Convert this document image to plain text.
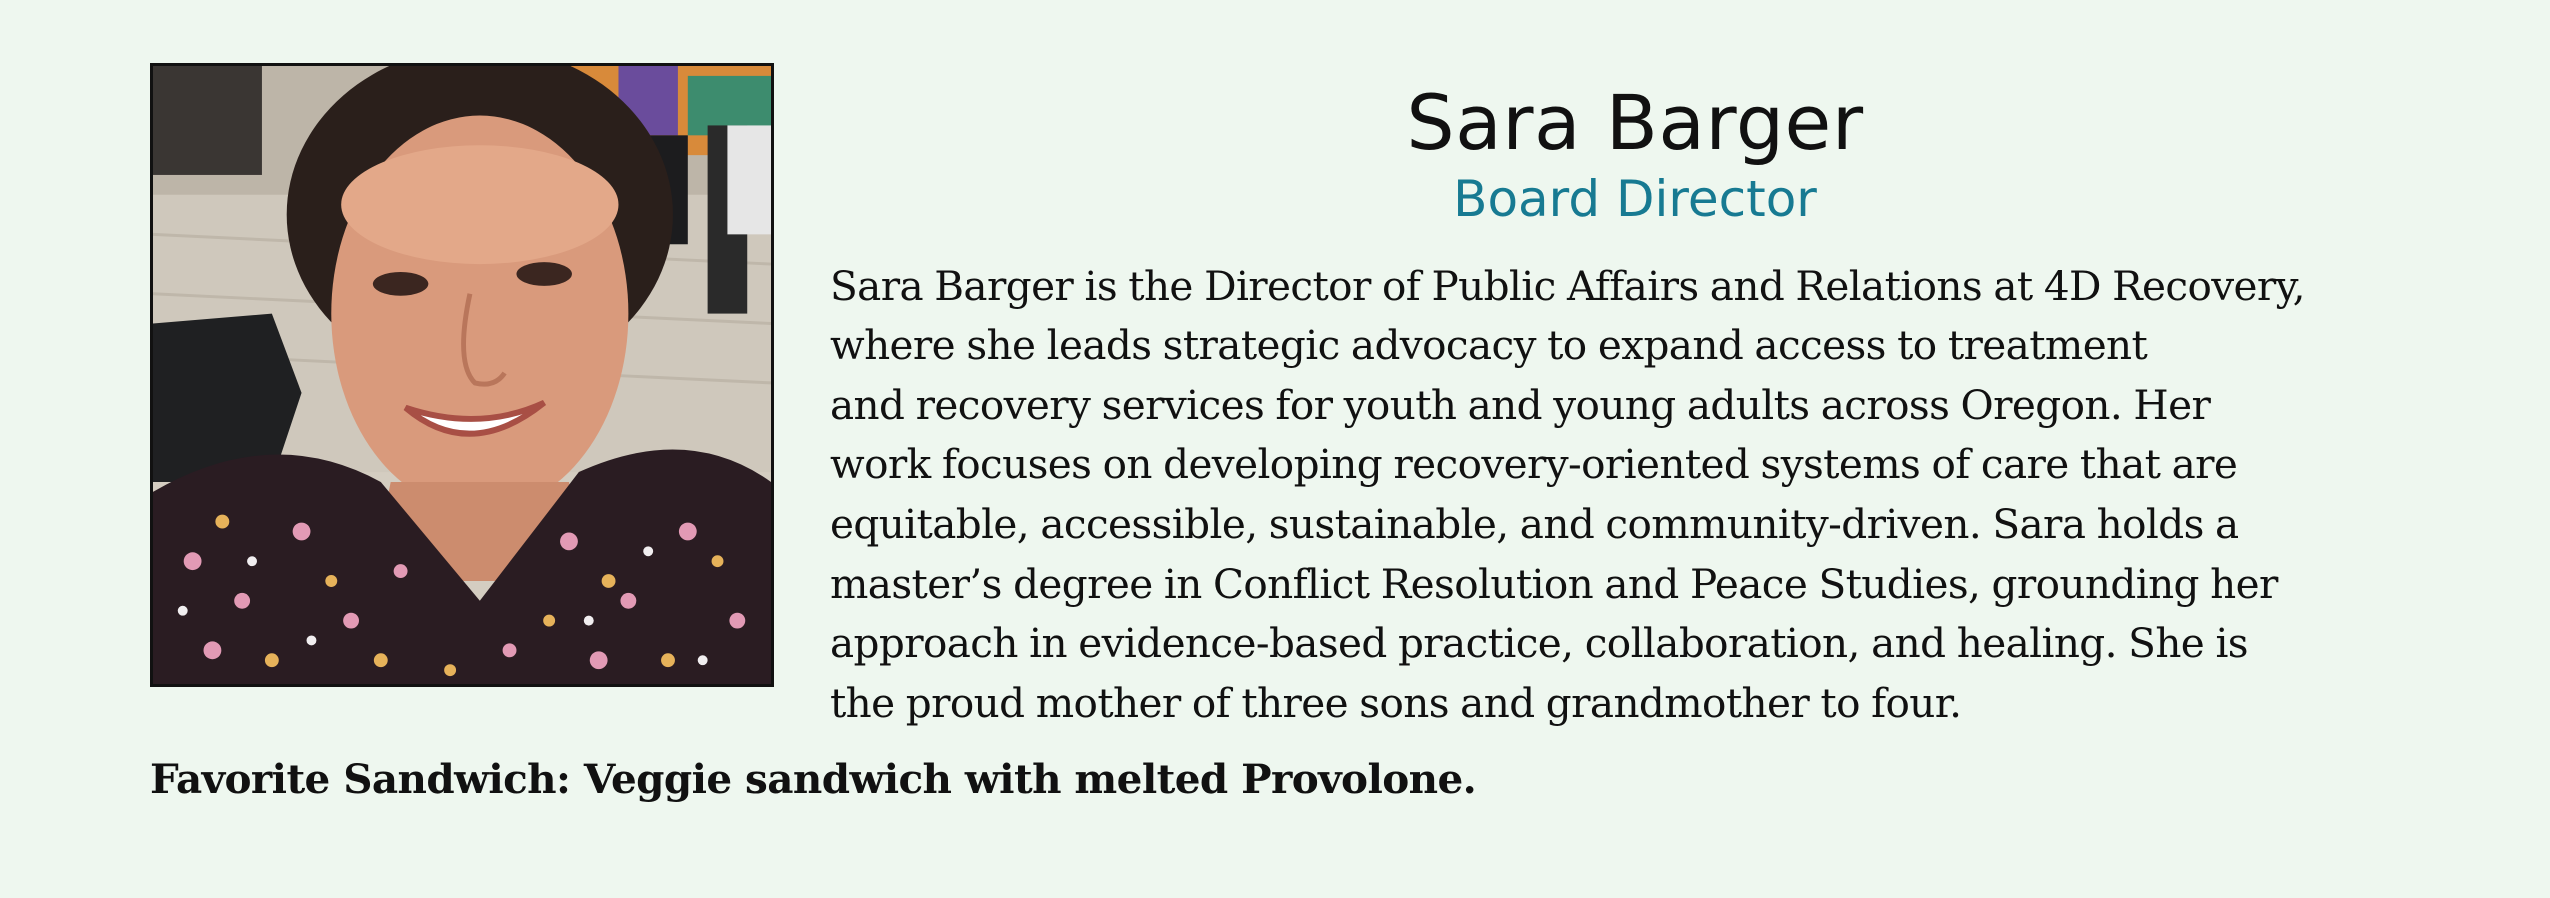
Sara Barger
Board Director
Sara Barger is the Director of Public Affairs and Relations at 4D Recovery,
where she leads strategic advocacy to expand access to treatment
and recovery services for youth and young adults across Oregon. Her
work focuses on developing recovery-oriented systems of care that are
equitable, accessible, sustainable, and community-driven. Sara holds a
master’s degree in Conflict Resolution and Peace Studies, grounding her
approach in evidence-based practice, collaboration, and healing. She is
the proud mother of three sons and grandmother to four.
Favorite Sandwich: Veggie sandwich with melted Provolone.
